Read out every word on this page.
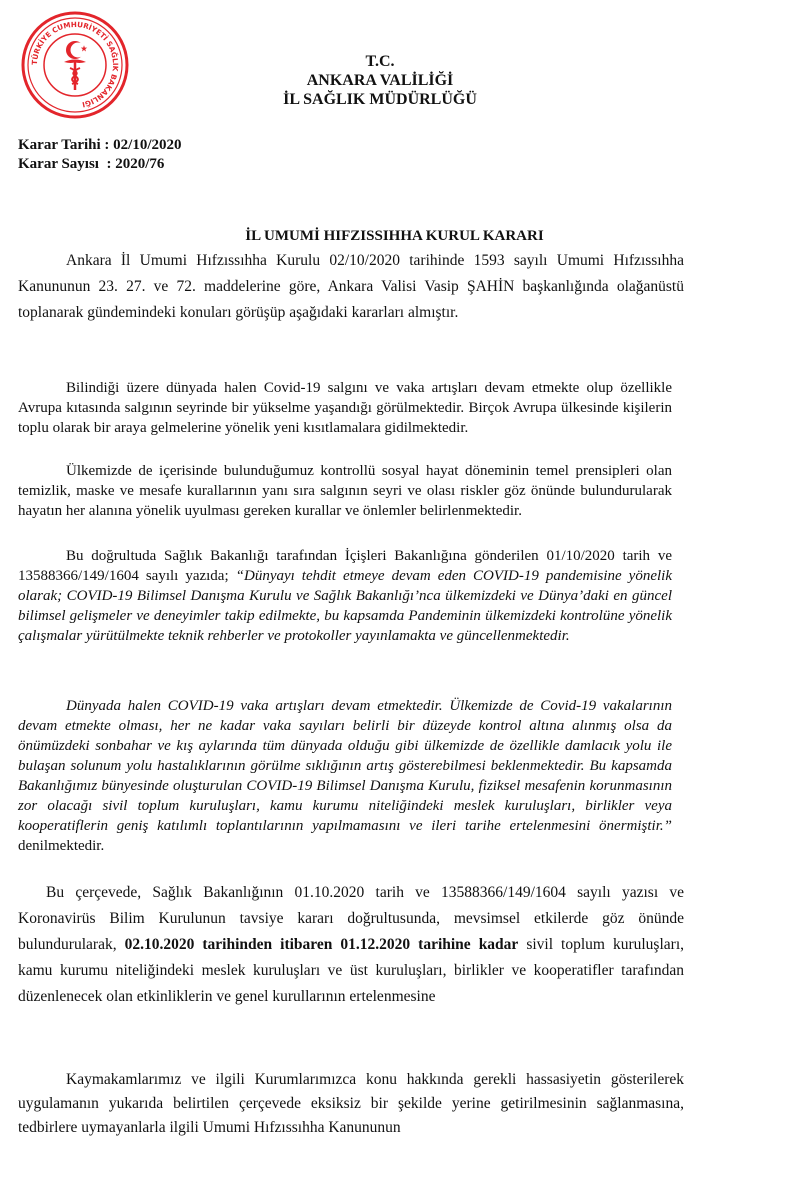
TÜRKİYE CUMHURİYETİ SAĞLIK BAKANLIĞI
T.C.
ANKARA VALİLİĞİ
İL SAĞLIK MÜDÜRLÜĞÜ
Karar Tarihi : 02/10/2020
Karar Sayısı  : 2020/76
İL UMUMİ HIFZISSIHHA KURUL KARARI
Ankara İl Umumi Hıfzıssıhha Kurulu 02/10/2020 tarihinde 1593 sayılı Umumi Hıfzıssıhha Kanununun 23. 27. ve 72. maddelerine göre, Ankara Valisi Vasip ŞAHİN başkanlığında olağanüstü toplanarak gündemindeki konuları görüşüp aşağıdaki kararları almıştır.
Bilindiği üzere dünyada halen Covid-19 salgını ve vaka artışları devam etmekte olup özellikle Avrupa kıtasında salgının seyrinde bir yükselme yaşandığı görülmektedir. Birçok Avrupa ülkesinde kişilerin toplu olarak bir araya gelmelerine yönelik yeni kısıtlamalara gidilmektedir.
Ülkemizde de içerisinde bulunduğumuz kontrollü sosyal hayat döneminin temel prensipleri olan temizlik, maske ve mesafe kurallarının yanı sıra salgının seyri ve olası riskler göz önünde bulundurularak hayatın her alanına yönelik uyulması gereken kurallar ve önlemler belirlenmektedir.
Bu doğrultuda Sağlık Bakanlığı tarafından İçişleri Bakanlığına gönderilen 01/10/2020 tarih ve 13588366/149/1604 sayılı yazıda; “Dünyayı tehdit etmeye devam eden COVID-19 pandemisine yönelik olarak; COVID-19 Bilimsel Danışma Kurulu ve Sağlık Bakanlığı’nca ülkemizdeki ve Dünya’daki en güncel bilimsel gelişmeler ve deneyimler takip edilmekte, bu kapsamda Pandeminin ülkemizdeki kontrolüne yönelik çalışmalar yürütülmekte teknik rehberler ve protokoller yayınlamakta ve güncellenmektedir.
Dünyada halen COVID-19 vaka artışları devam etmektedir. Ülkemizde de Covid-19 vakalarının devam etmekte olması, her ne kadar vaka sayıları belirli bir düzeyde kontrol altına alınmış olsa da önümüzdeki sonbahar ve kış aylarında tüm dünyada olduğu gibi ülkemizde de özellikle damlacık yolu ile bulaşan solunum yolu hastalıklarının görülme sıklığının artış gösterebilmesi beklenmektedir. Bu kapsamda Bakanlığımız bünyesinde oluşturulan COVID-19 Bilimsel Danışma Kurulu, fiziksel mesafenin korunmasının zor olacağı sivil toplum kuruluşları, kamu kurumu niteliğindeki meslek kuruluşları, birlikler veya kooperatiflerin geniş katılımlı toplantılarının yapılmamasını ve ileri tarihe ertelenmesini önermiştir.” denilmektedir.
Bu çerçevede, Sağlık Bakanlığının 01.10.2020 tarih ve 13588366/149/1604 sayılı yazısı ve Koronavirüs Bilim Kurulunun tavsiye kararı doğrultusunda, mevsimsel etkilerde göz önünde bulundurularak, 02.10.2020 tarihinden itibaren 01.12.2020 tarihine kadar sivil toplum kuruluşları, kamu kurumu niteliğindeki meslek kuruluşları ve üst kuruluşları, birlikler ve kooperatifler tarafından düzenlenecek olan etkinliklerin ve genel kurullarının ertelenmesine
Kaymakamlarımız ve ilgili Kurumlarımızca konu hakkında gerekli hassasiyetin gösterilerek uygulamanın yukarıda belirtilen çerçevede eksiksiz bir şekilde yerine getirilmesinin sağlanmasına, tedbirlere uymayanlarla ilgili Umumi Hıfzıssıhha Kanununun
